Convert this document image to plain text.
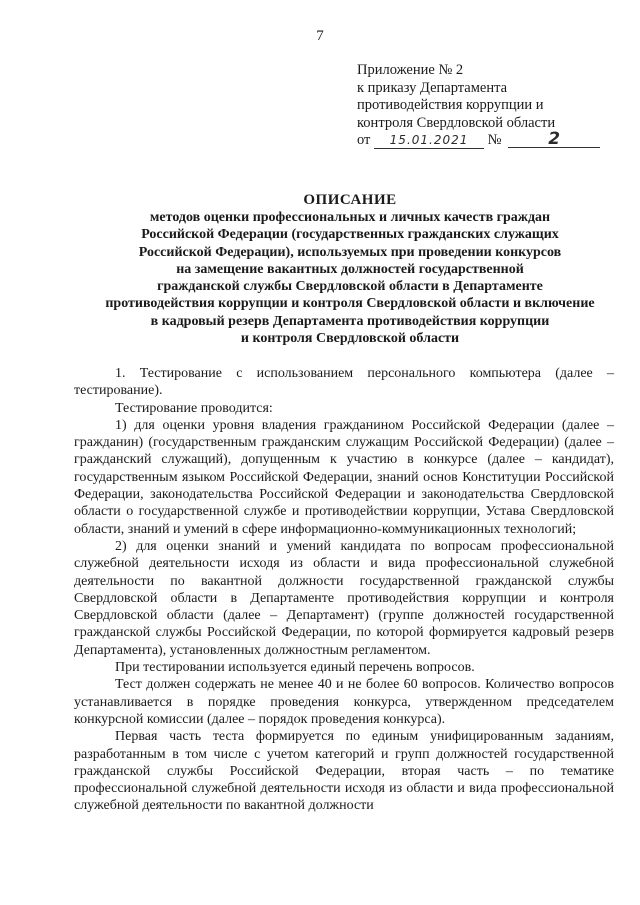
7
Приложение № 2
к приказу Департамента
противодействия коррупции и
контроля Свердловской области
от 15.01.2021 №	2
ОПИСАНИЕ
методов оценки профессиональных и личных качеств граждан
Российской Федерации (государственных гражданских служащих
Российской Федерации), используемых при проведении конкурсов
на замещение вакантных должностей государственной
гражданской службы Свердловской области в Департаменте
противодействия коррупции и контроля Свердловской области и включение
в кадровый резерв Департамента противодействия коррупции
и контроля Свердловской области

1. Тестирование с использованием персонального компьютера (далее – тестирование).

Тестирование проводится:

1) для оценки уровня владения гражданином Российской Федерации (далее – гражданин) (государственным гражданским служащим Российской Федерации) (далее – гражданский служащий), допущенным к участию в конкурсе (далее – кандидат), государственным языком Российской Федерации, знаний основ Конституции Российской Федерации, законодательства Российской Федерации и законодательства Свердловской области о государственной службе и противодействии коррупции, Устава Свердловской области, знаний и умений в сфере информационно-коммуникационных технологий;

2) для оценки знаний и умений кандидата по вопросам профессиональной служебной деятельности исходя из области и вида профессиональной служебной деятельности по вакантной должности государственной гражданской службы Свердловской области в Департаменте противодействия коррупции и контроля Свердловской области (далее – Департамент) (группе должностей государственной гражданской службы Российской Федерации, по которой формируется кадровый резерв Департамента), установленных должностным регламентом.

При тестировании используется единый перечень вопросов.

Тест должен содержать не менее 40 и не более 60 вопросов. Количество вопросов устанавливается в порядке проведения конкурса, утвержденном председателем конкурсной комиссии (далее – порядок проведения конкурса).

Первая часть теста формируется по единым унифицированным заданиям, разработанным в том числе с учетом категорий и групп должностей государственной гражданской службы Российской Федерации, вторая часть – по тематике профессиональной служебной деятельности исходя из области и вида профессиональной служебной деятельности по вакантной должности
